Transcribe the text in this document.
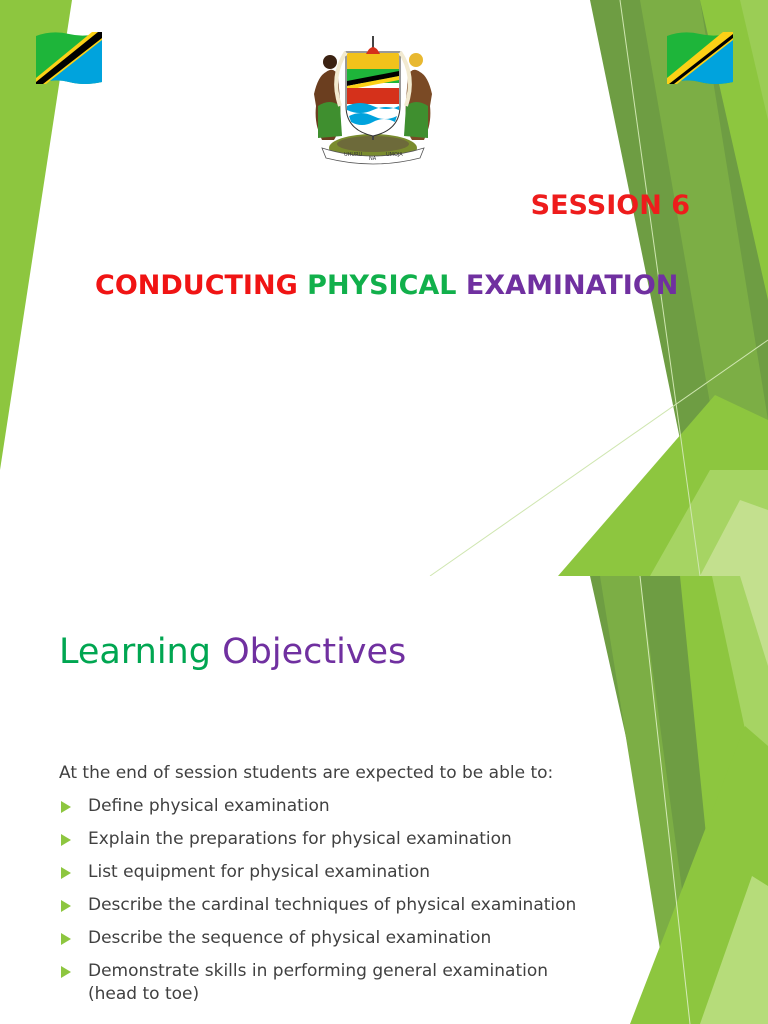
UHURU
NA
UMOJA
SESSION 6
CONDUCTING PHYSICAL EXAMINATION
Learning Objectives
At the end of session students are expected to be able to:
Define physical examination
Explain the preparations for physical examination
List equipment for physical examination
Describe the cardinal techniques of physical examination
Describe the sequence of physical examination
Demonstrate skills in performing general examination (head to toe)
